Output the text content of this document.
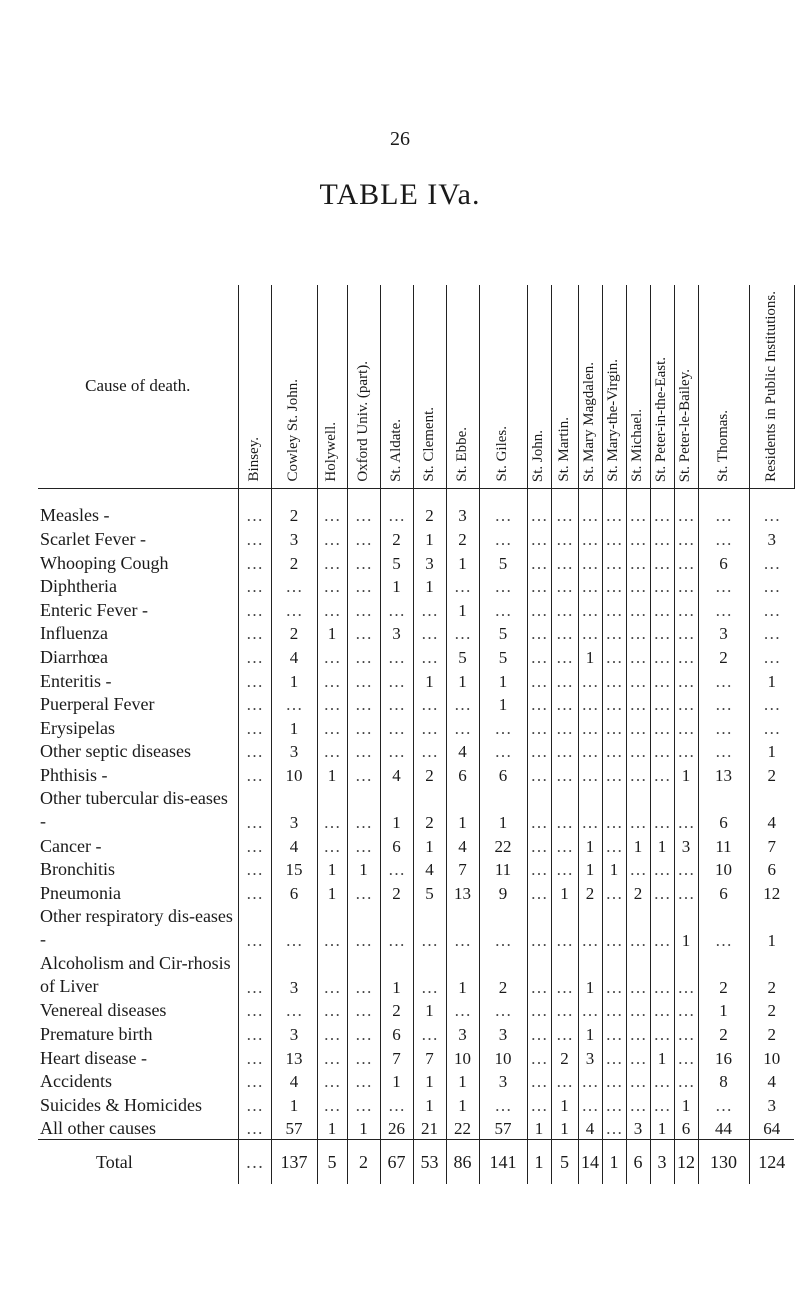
26
TABLE IVa.
Cause of death.	Binsey.	Cowley St. John.	Holywell.	Oxford Univ. (part).	St. Aldate.	St. Clement.	St. Ebbe.	St. Giles.	St. John.	St. Martin.	St. Mary Magdalen.	St. Mary-the-Virgin.	St. Michael.	St. Peter-in-the-East.	St. Peter-le-Bailey.	St. Thomas.	Residents in Public Institutions.

Measles -	…	2	…	…	…	2	3	…	…	…	…	…	…	…	…	…	…
Scarlet Fever -	…	3	…	…	2	1	2	…	…	…	…	…	…	…	…	…	3
Whooping Cough	…	2	…	…	5	3	1	5	…	…	…	…	…	…	…	6	…
Diphtheria	…	…	…	…	1	1	…	…	…	…	…	…	…	…	…	…	…
Enteric Fever -	…	…	…	…	…	…	1	…	…	…	…	…	…	…	…	…	…
Influenza	…	2	1	…	3	…	…	5	…	…	…	…	…	…	…	3	…
Diarrhœa	…	4	…	…	…	…	5	5	…	…	1	…	…	…	…	2	…
Enteritis -	…	1	…	…	…	1	1	1	…	…	…	…	…	…	…	…	1
Puerperal Fever	…	…	…	…	…	…	…	1	…	…	…	…	…	…	…	…	…
Erysipelas	…	1	…	…	…	…	…	…	…	…	…	…	…	…	…	…	…
Other septic diseases	…	3	…	…	…	…	4	…	…	…	…	…	…	…	…	…	1
Phthisis -	…	10	1	…	4	2	6	6	…	…	…	…	…	…	1	13	2
Other tubercular dis-eases -	…	3	…	…	1	2	1	1	…	…	…	…	…	…	…	6	4
Cancer -	…	4	…	…	6	1	4	22	…	…	1	…	1	1	3	11	7
Bronchitis	…	15	1	1	…	4	7	11	…	…	1	1	…	…	…	10	6
Pneumonia	…	6	1	…	2	5	13	9	…	1	2	…	2	…	…	6	12
Other respiratory dis-eases -	…	…	…	…	…	…	…	…	…	…	…	…	…	…	1	…	1
Alcoholism and Cir-rhosis of Liver	…	3	…	…	1	…	1	2	…	…	1	…	…	…	…	2	2
Venereal diseases	…	…	…	…	2	1	…	…	…	…	…	…	…	…	…	1	2
Premature birth	…	3	…	…	6	…	3	3	…	…	1	…	…	…	…	2	2
Heart disease -	…	13	…	…	7	7	10	10	…	2	3	…	…	1	…	16	10
Accidents	…	4	…	…	1	1	1	3	…	…	…	…	…	…	…	8	4
Suicides & Homicides	…	1	…	…	…	1	1	…	…	1	…	…	…	…	1	…	3
All other causes	…	57	1	1	26	21	22	57	1	1	4	…	3	1	6	44	64
Total	…	137	5	2	67	53	86	141	1	5	14	1	6	3	12	130	124
